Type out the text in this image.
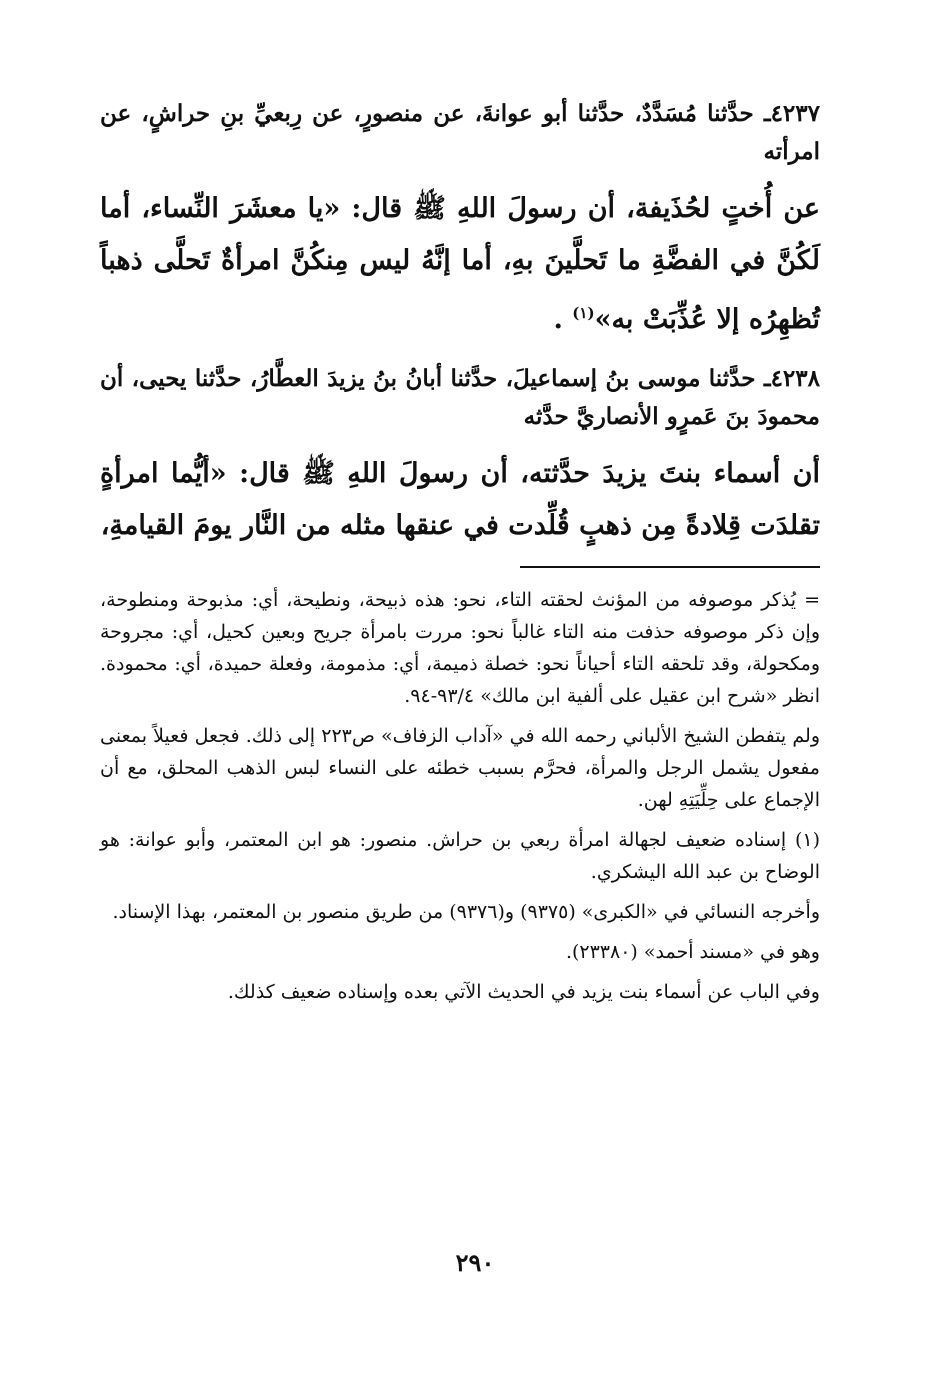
٤٢٣٧ـ حدَّثنا مُسَدَّدٌ، حدَّثنا أبو عوانةَ، عن منصورٍ، عن رِبعيِّ بنِ حراشٍ، عن امرأته

عن أُختٍ لحُذَيفة، أن رسولَ اللهِ ﷺ قال: «يا معشَرَ النِّساء، أما لَكُنَّ في الفضَّةِ ما تَحلَّينَ بهِ، أما إنَّهُ ليس مِنكُنَّ امرأةٌ تَحلَّى ذهباً تُظهِرُه إلا عُذِّبَتْ به»$^{(١)}$ .

٤٢٣٨ـ حدَّثنا موسى بنُ إسماعيلَ، حدَّثنا أبانُ بنُ يزيدَ العطَّارُ، حدَّثنا يحيى، أن محمودَ بنَ عَمرٍو الأنصاريَّ حدَّثه

أن أسماء بنتَ يزيدَ حدَّثته، أن رسولَ اللهِ ﷺ قال: «أيُّما امرأةٍ تقلدَت قِلادةً مِن ذهبٍ قُلِّدت في عنقها مثله من النَّار يومَ القيامةِ،

= يُذكر موصوفه من المؤنث لحقته التاء، نحو: هذه ذبيحة، ونطيحة، أي: مذبوحة ومنطوحة، وإن ذكر موصوفه حذفت منه التاء غالباً نحو: مررت بامرأة جريح وبعين كحيل، أي: مجروحة ومكحولة، وقد تلحقه التاء أحياناً نحو: خصلة ذميمة، أي: مذمومة، وفعلة حميدة، أي: محمودة. انظر «شرح ابن عقيل على ألفية ابن مالك» ٩٣/٤-٩٤.

ولم يتفطن الشيخ الألباني رحمه الله في «آداب الزفاف» ص٢٢٣ إلى ذلك. فجعل فعيلاً بمعنى مفعول يشمل الرجل والمرأة، فحرَّم بسبب خطئه على النساء لبس الذهب المحلق، مع أن الإجماع على حِلِّيَتِهِ لهن.

(١) إسناده ضعيف لجهالة امرأة ربعي بن حراش. منصور: هو ابن المعتمر، وأبو عوانة: هو الوضاح بن عبد الله اليشكري.

وأخرجه النسائي في «الكبرى» (٩٣٧٥) و(٩٣٧٦) من طريق منصور بن المعتمر، بهذا الإسناد.

وهو في «مسند أحمد» (٢٣٣٨٠).

وفي الباب عن أسماء بنت يزيد في الحديث الآتي بعده وإسناده ضعيف كذلك.

٢٩٠
